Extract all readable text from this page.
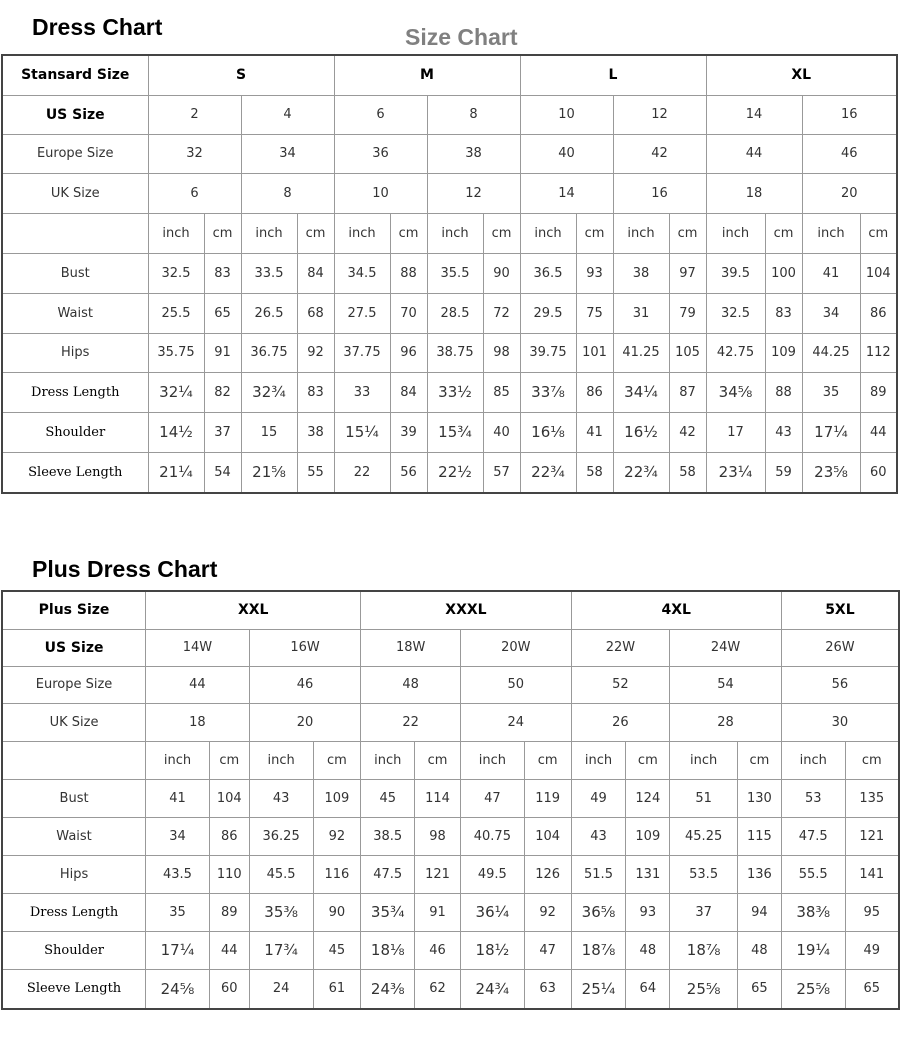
Dress Chart	Size Chart
Plus Dress Chart
Stansard Size	S				M				L				XL			
US Size	2		4		6		8		10		12		14		16	
Europe Size	32		34		36		38		40		42		44		46	
UK Size	6		8		10		12		14		16		18		20	
	inch	cm	inch	cm	inch	cm	inch	cm	inch	cm	inch	cm	inch	cm	inch	cm
Bust	32.5	83	33.5	84	34.5	88	35.5	90	36.5	93	38	97	39.5	100	41	104
Waist	25.5	65	26.5	68	27.5	70	28.5	72	29.5	75	31	79	32.5	83	34	86
Hips	35.75	91	36.75	92	37.75	96	38.75	98	39.75	101	41.25	105	42.75	109	44.25	112
Dress Length	32¼	82	32¾	83	33	84	33½	85	33⅞	86	34¼	87	34⅝	88	35	89
Shoulder	14½	37	15	38	15¼	39	15¾	40	16⅛	41	16½	42	17	43	17¼	44
Sleeve Length	21¼	54	21⅝	55	22	56	22½	57	22¾	58	22¾	58	23¼	59	23⅝	60
Plus Size	XXL				XXXL				4XL				5XL	
US Size	14W		16W		18W		20W		22W		24W		26W	
Europe Size	44		46		48		50		52		54		56	
UK Size	18		20		22		24		26		28		30	
	inch	cm	inch	cm	inch	cm	inch	cm	inch	cm	inch	cm	inch	cm
Bust	41	104	43	109	45	114	47	119	49	124	51	130	53	135
Waist	34	86	36.25	92	38.5	98	40.75	104	43	109	45.25	115	47.5	121
Hips	43.5	110	45.5	116	47.5	121	49.5	126	51.5	131	53.5	136	55.5	141
Dress Length	35	89	35⅜	90	35¾	91	36¼	92	36⅝	93	37	94	38⅜	95
Shoulder	17¼	44	17¾	45	18⅛	46	18½	47	18⅞	48	18⅞	48	19¼	49
Sleeve Length	24⅝	60	24	61	24⅜	62	24¾	63	25¼	64	25⅝	65	25⅝	65
